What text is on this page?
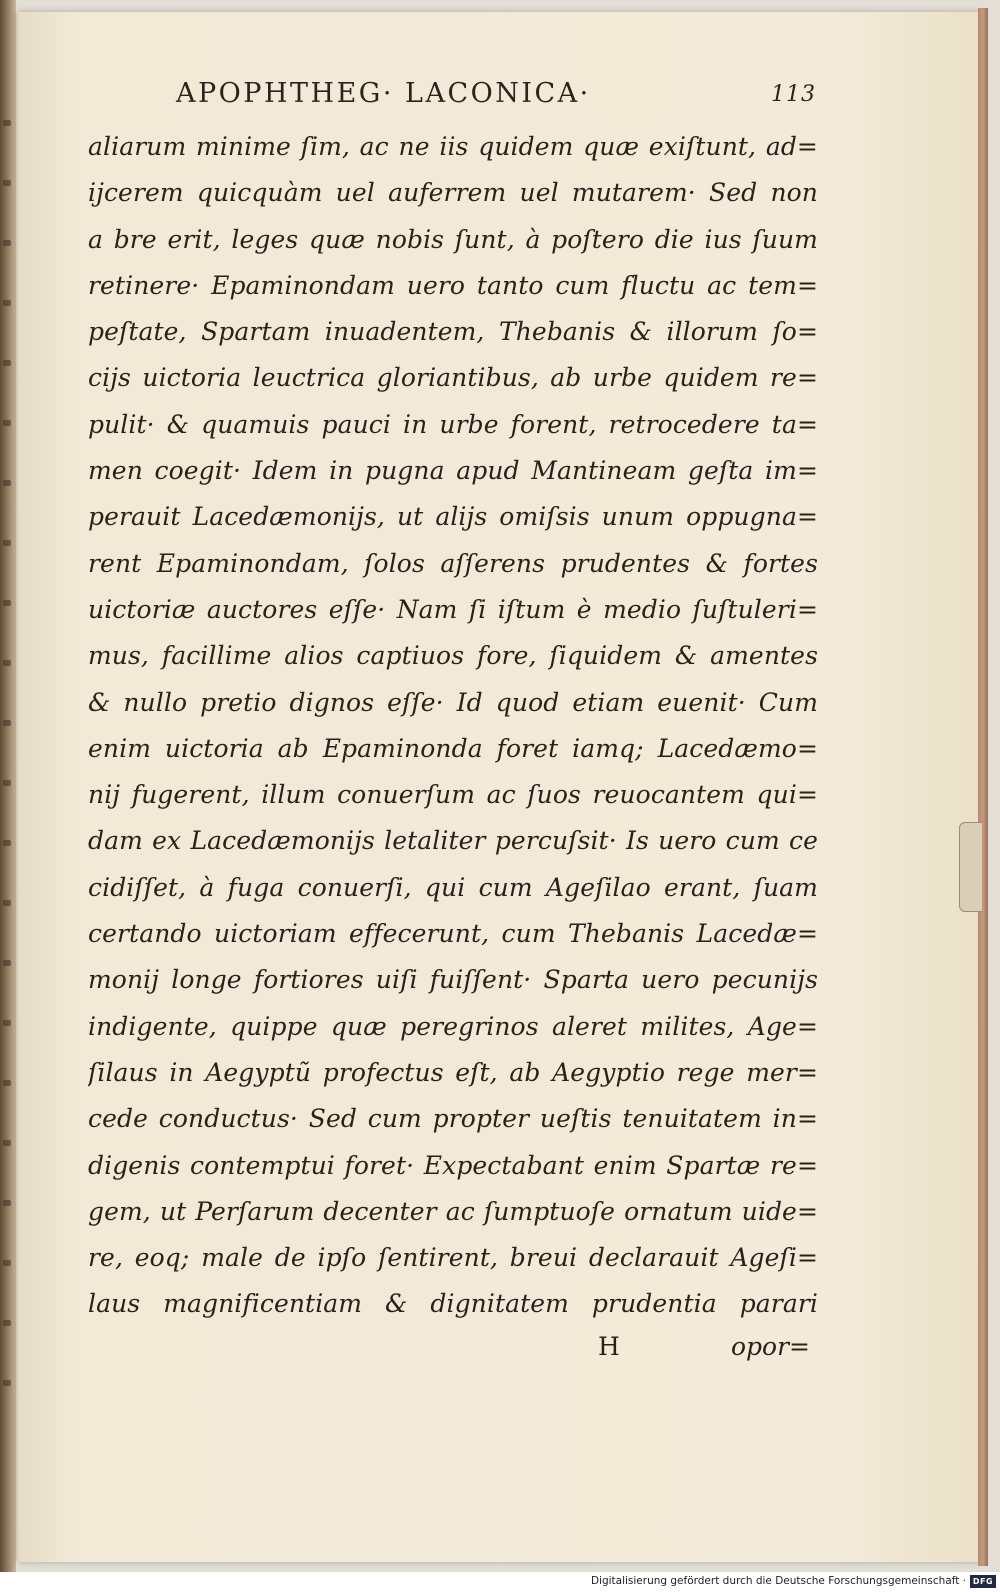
APOPHTHEG· LACONICA·	113
aliarum minime ſim, ac ne iis quidem quæ exiſtunt, ad=
ijcerem quicquàm uel auferrem uel mutarem· Sed non
a bre erit, leges quæ nobis ſunt, à poſtero die ius ſuum
retinere· Epaminondam uero tanto cum fluctu ac tem=
peſtate, Spartam inuadentem, Thebanis & illorum ſo=
cijs uictoria leuctrica gloriantibus, ab urbe quidem re=
pulit· & quamuis pauci in urbe forent, retrocedere ta=
men coegit· Idem in pugna apud Mantineam geſta im=
perauit Lacedæmonijs, ut alijs omiſsis unum oppugna=
rent Epaminondam, ſolos aſſerens prudentes & fortes
uictoriæ auctores eſſe· Nam ſi iſtum è medio ſuſtuleri=
mus, facillime alios captiuos fore, ſiquidem & amentes
& nullo pretio dignos eſſe· Id quod etiam euenit· Cum
enim uictoria ab Epaminonda foret iamq; Lacedæmo=
nij fugerent, illum conuerſum ac ſuos reuocantem qui=
dam ex Lacedæmonijs letaliter percuſsit· Is uero cum ce
cidiſſet, à fuga conuerſi, qui cum Ageſilao erant, ſuam
certando uictoriam effecerunt, cum Thebanis Lacedæ=
monij longe fortiores uiſi fuiſſent· Sparta uero pecunijs
indigente, quippe quæ peregrinos aleret milites, Age=
ſilaus in Aegyptũ profectus eſt, ab Aegyptio rege mer=
cede conductus· Sed cum propter ueſtis tenuitatem in=
digenis contemptui foret· Expectabant enim Spartæ re=
gem, ut Perſarum decenter ac ſumptuoſe ornatum uide=
re, eoq; male de ipſo ſentirent, breui declarauit Ageſi=
laus magnificentiam & dignitatem prudentia parari
H	opor=
Digitalisierung gefördert durch die Deutsche Forschungsgemeinschaft · DFG
